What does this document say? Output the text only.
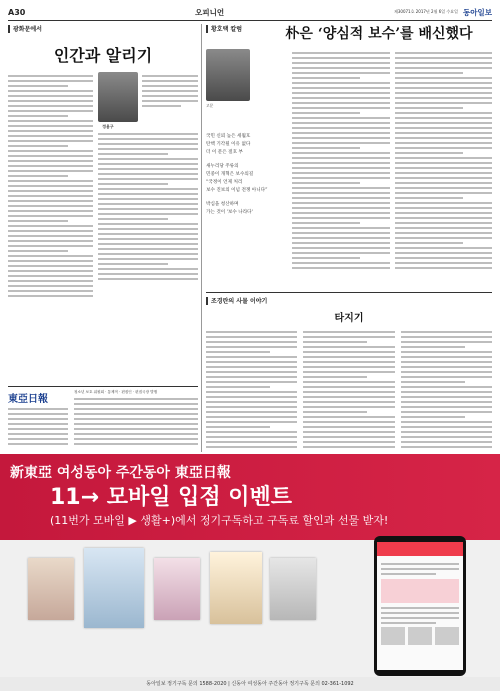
A30	오피니언	제30071호 2017년 2월 6일 수요일 동아일보
광화문에서
인간과 알리기
정용구
東亞日報
청소년 보호 위원회 · 통제적 · 편집인 · 편집국장 발행
황호택 칼럼	朴은 ‘양심적 보수’를 배신했다
고문
국민 신뢰 높은 세월호
탄핵 기각될 이유 없다
더 이 문은 절호 부
새누리당 주류의
민중이 개혁은 보수의길
“국정이 언제 처리
보수 진보의 이념 전쟁 아니다”
박심을 청산하며
가는 것이 '보수 나라다'
조경란의 사물 이야기
타지기
新東亞 여성동아 주간동아 東亞日報
11→ 모바일 입점 이벤트
(11번가 모바일 ▶ 생활+)에서 정기구독하고 구독료 할인과 선물 받자!
동아일보 정기구독 문의 1588-2020 | 신동아 여성동아 주간동아 정기구독 문의 02-361-1092
